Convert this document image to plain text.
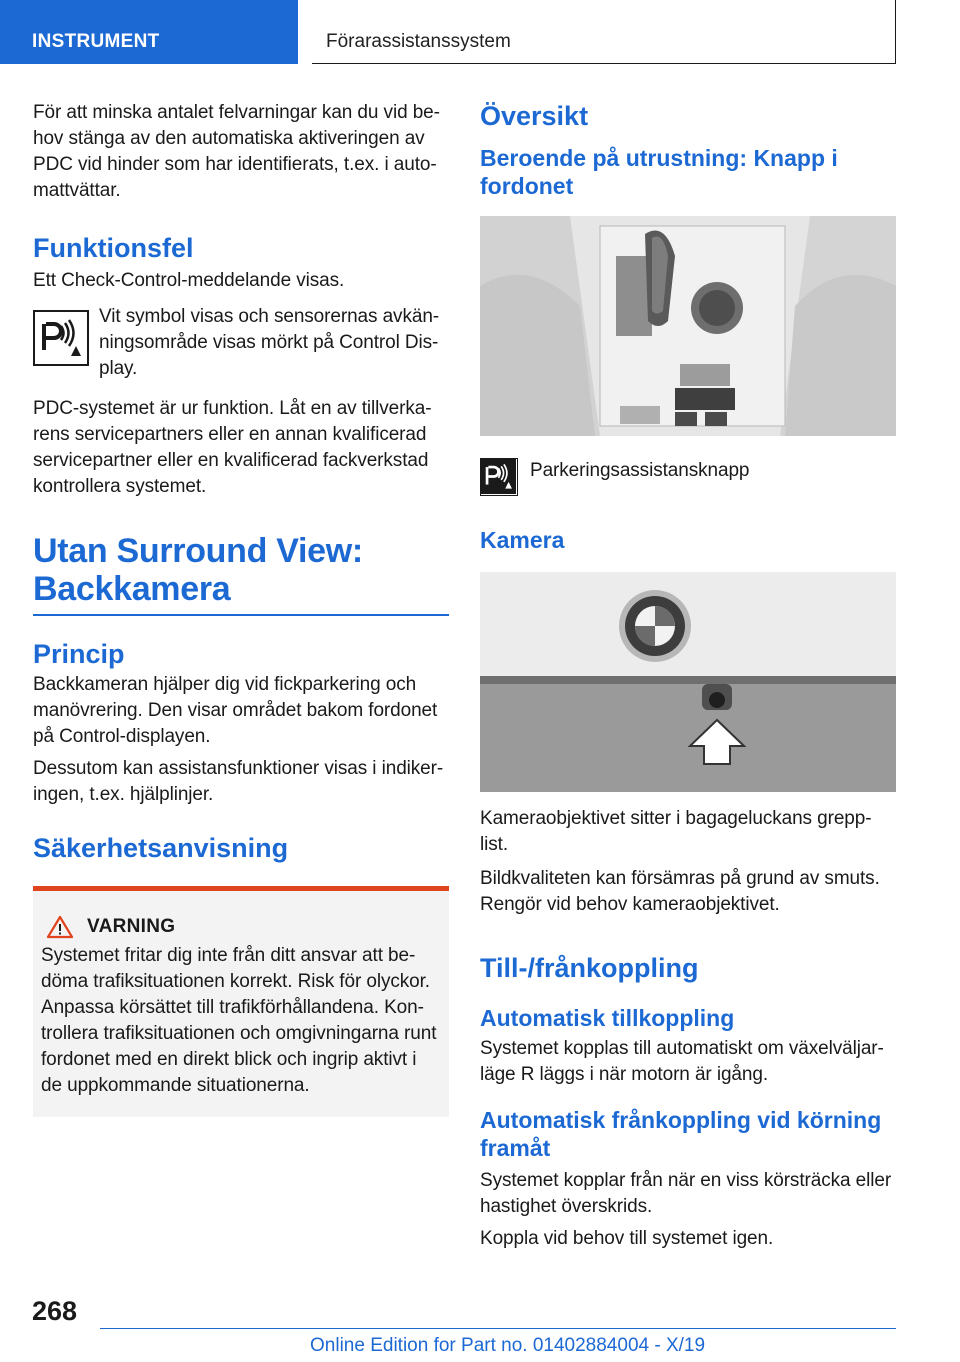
INSTRUMENT	Förarassistanssystem

För att minska antalet felvarningar kan du vid be-hov stänga av den automatiska aktiveringen av PDC vid hinder som har identifierats, t.ex. i auto-mattvättar.

Funktionsfel

Ett Check-Control-meddelande visas.

Vit symbol visas och sensorernas avkän-ningsområde visas mörkt på Control Dis-play.

PDC-systemet är ur funktion. Låt en av tillverka-rens servicepartners eller en annan kvalificerad servicepartner eller en kvalificerad fackverkstad kontrollera systemet.

Utan Surround View: Backkamera
Princip

Backkameran hjälper dig vid fickparkering och manövrering. Den visar området bakom fordonet på Control-displayen.

Dessutom kan assistansfunktioner visas i indiker-ingen, t.ex. hjälplinjer.

Säkerhetsanvisning
VARNING

Systemet fritar dig inte från ditt ansvar att be-döma trafiksituationen korrekt. Risk för olyckor. Anpassa körsättet till trafikförhållandena. Kon-trollera trafiksituationen och omgivningarna runt fordonet med en direkt blick och ingrip aktivt i de uppkommande situationerna.

Översikt
Beroende på utrustning: Knapp i fordonet

Parkeringsassistansknapp

Kamera

Kameraobjektivet sitter i bagageluckans grepp-list.

Bildkvaliteten kan försämras på grund av smuts. Rengör vid behov kameraobjektivet.

Till-/frånkoppling
Automatisk tillkoppling

Systemet kopplas till automatiskt om växelväljar-läge R läggs i när motorn är igång.

Automatisk frånkoppling vid körning framåt

Systemet kopplar från när en viss körsträcka eller hastighet överskrids.

Koppla vid behov till systemet igen.

268
Online Edition for Part no. 01402884004 - X/19
